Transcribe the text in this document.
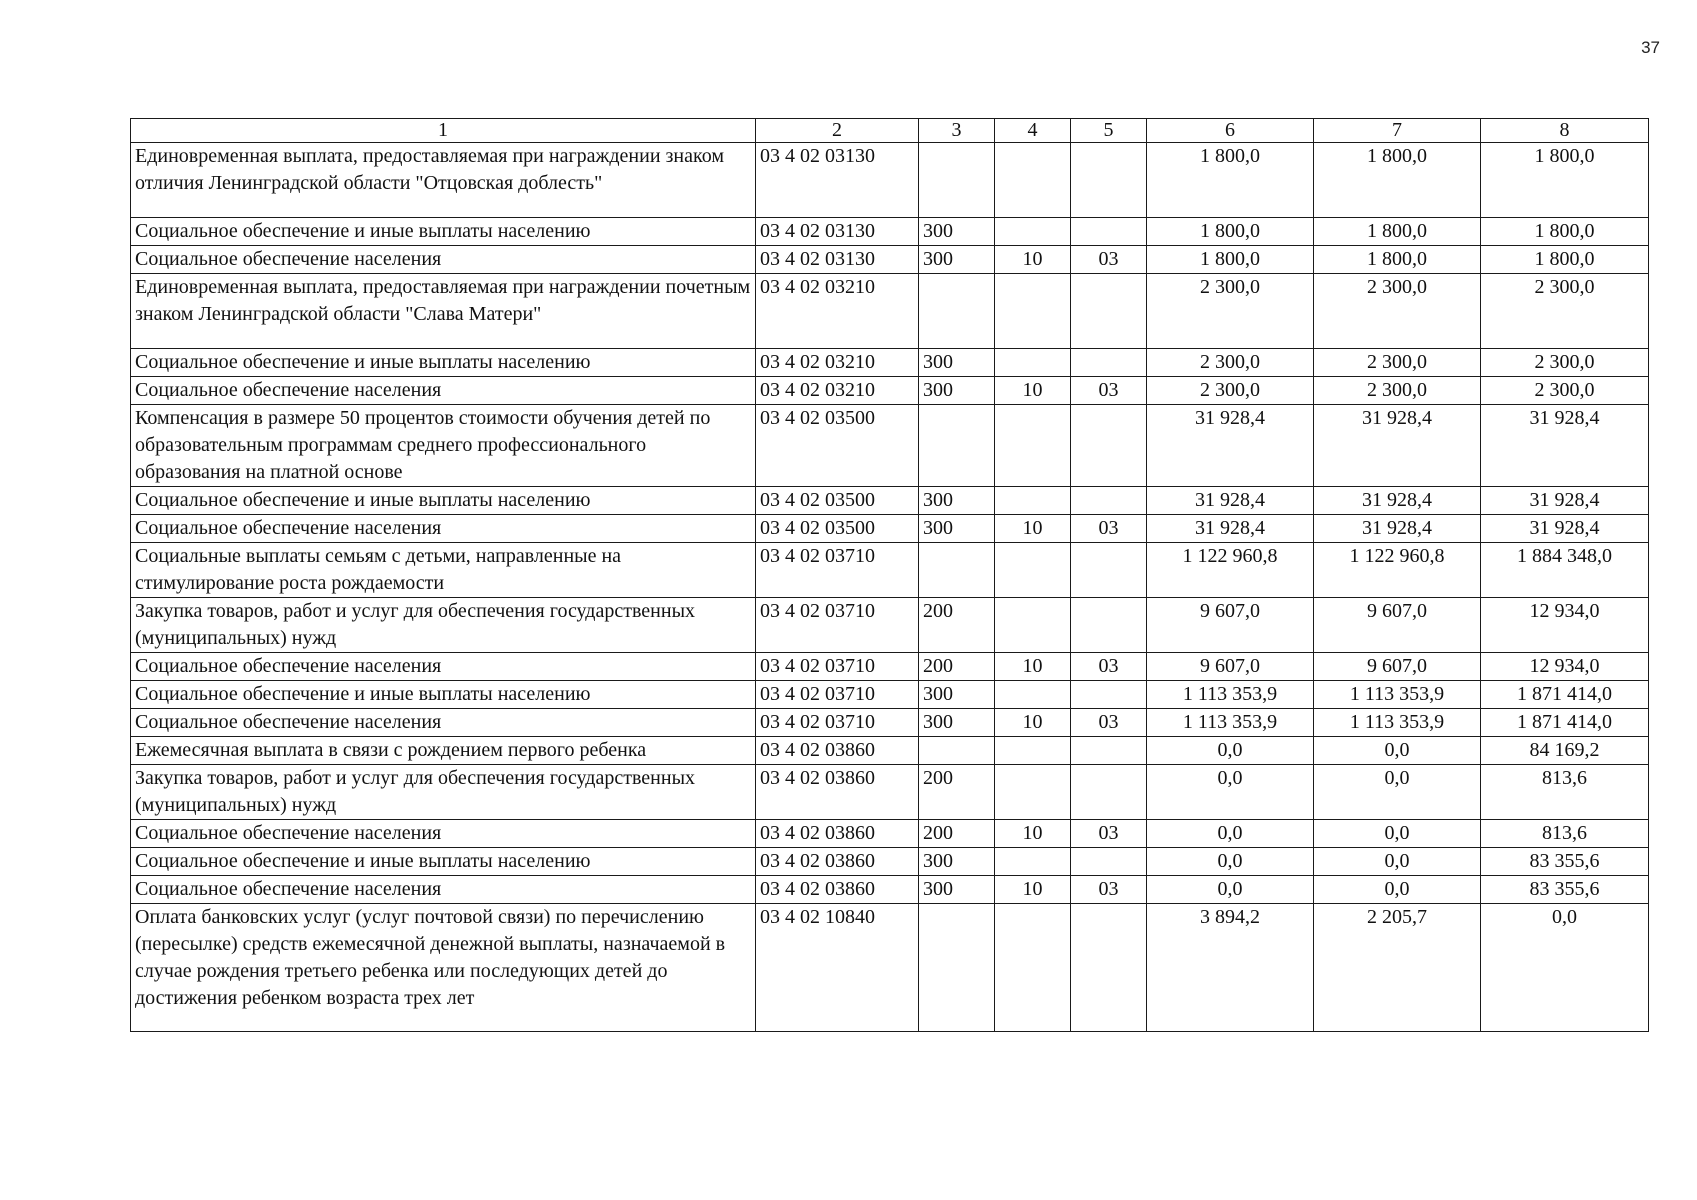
37
1	2	3	4	5	6	7	8
Единовременная выплата, предоставляемая при награждении знаком отличия Ленинградской области "Отцовская доблесть"	03 4 02 03130				1 800,0	1 800,0	1 800,0
Социальное обеспечение и иные выплаты населению	03 4 02 03130	300			1 800,0	1 800,0	1 800,0
Социальное обеспечение населения	03 4 02 03130	300	10	03	1 800,0	1 800,0	1 800,0
Единовременная выплата, предоставляемая при награждении почетным знаком Ленинградской области "Слава Матери"	03 4 02 03210				2 300,0	2 300,0	2 300,0
Социальное обеспечение и иные выплаты населению	03 4 02 03210	300			2 300,0	2 300,0	2 300,0
Социальное обеспечение населения	03 4 02 03210	300	10	03	2 300,0	2 300,0	2 300,0
Компенсация в размере 50 процентов стоимости обучения детей по образовательным программам среднего профессионального образования на платной основе	03 4 02 03500				31 928,4	31 928,4	31 928,4
Социальное обеспечение и иные выплаты населению	03 4 02 03500	300			31 928,4	31 928,4	31 928,4
Социальное обеспечение населения	03 4 02 03500	300	10	03	31 928,4	31 928,4	31 928,4
Социальные выплаты семьям с детьми, направленные на стимулирование роста рождаемости	03 4 02 03710				1 122 960,8	1 122 960,8	1 884 348,0
Закупка товаров, работ и услуг для обеспечения государственных (муниципальных) нужд	03 4 02 03710	200			9 607,0	9 607,0	12 934,0
Социальное обеспечение населения	03 4 02 03710	200	10	03	9 607,0	9 607,0	12 934,0
Социальное обеспечение и иные выплаты населению	03 4 02 03710	300			1 113 353,9	1 113 353,9	1 871 414,0
Социальное обеспечение населения	03 4 02 03710	300	10	03	1 113 353,9	1 113 353,9	1 871 414,0
Ежемесячная выплата в связи с рождением первого ребенка	03 4 02 03860				0,0	0,0	84 169,2
Закупка товаров, работ и услуг для обеспечения государственных (муниципальных) нужд	03 4 02 03860	200			0,0	0,0	813,6
Социальное обеспечение населения	03 4 02 03860	200	10	03	0,0	0,0	813,6
Социальное обеспечение и иные выплаты населению	03 4 02 03860	300			0,0	0,0	83 355,6
Социальное обеспечение населения	03 4 02 03860	300	10	03	0,0	0,0	83 355,6
Оплата банковских услуг (услуг почтовой связи) по перечислению (пересылке) средств ежемесячной денежной выплаты, назначаемой в случае рождения третьего ребенка или последующих детей до достижения ребенком возраста трех лет	03 4 02 10840				3 894,2	2 205,7	0,0
